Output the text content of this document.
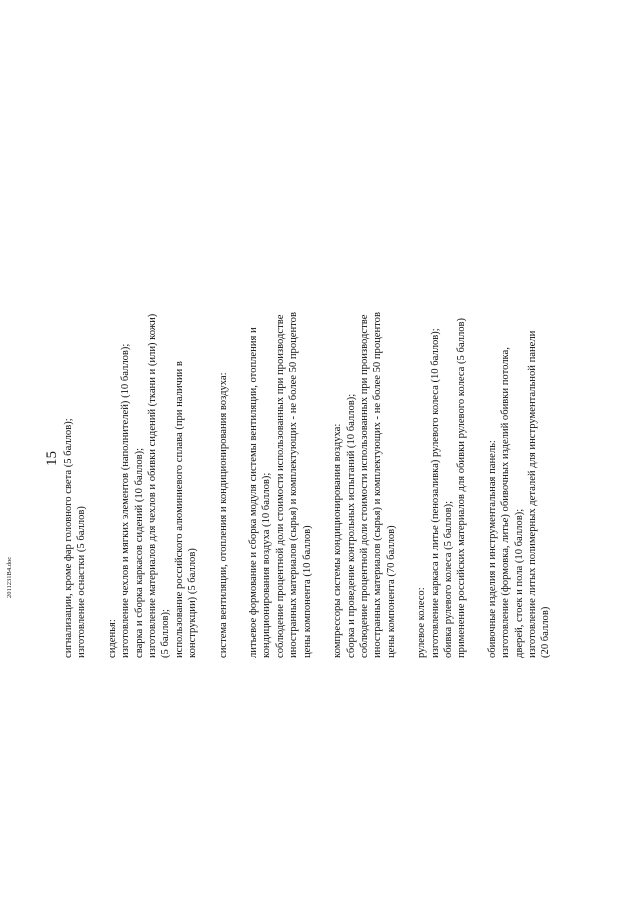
15 сигнализации, кроме фар головного света (5 баллов); изготовление оснастки (5 баллов) сиденья: изготовление чехлов и мягких элементов (наполнителей) (10 баллов); сварка и сборка каркасов сидений (10 баллов); изготовление материалов для чехлов и обивки сидений (ткани и (или) кожи) (5 баллов); использование российского алюминиевого сплава (при наличии в конструкции) (5 баллов) система вентиляции, отопления и кондиционирования воздуха: литьевое формование и сборка модуля системы вентиляции, отопления и кондиционирования воздуха (10 баллов); соблюдение процентной доли стоимости использованных при производстве иностранных материалов (сырья) и комплектующих - не более 50 процентов цены компонента (10 баллов) компрессоры системы кондиционирования воздуха: сборка и проведение контрольных испытаний (10 баллов); соблюдение процентной доли стоимости использованных при производстве иностранных материалов (сырья) и комплектующих - не более 50 процентов цены компонента (70 баллов) рулевое колесо: изготовление каркаса и литье (пенозаливка) рулевого колеса (10 баллов); обивка рулевого колеса (5 баллов); применение российских материалов для обивки рулевого колеса (5 баллов) обивочные изделия и инструментальная панель: изготовление (формовка, литье) обивочных изделий обивки потолка, дверей, стоек и пола (10 баллов); изготовление литых полимерных деталей для инструментальной панели (20 баллов)
2011231В4.doc
